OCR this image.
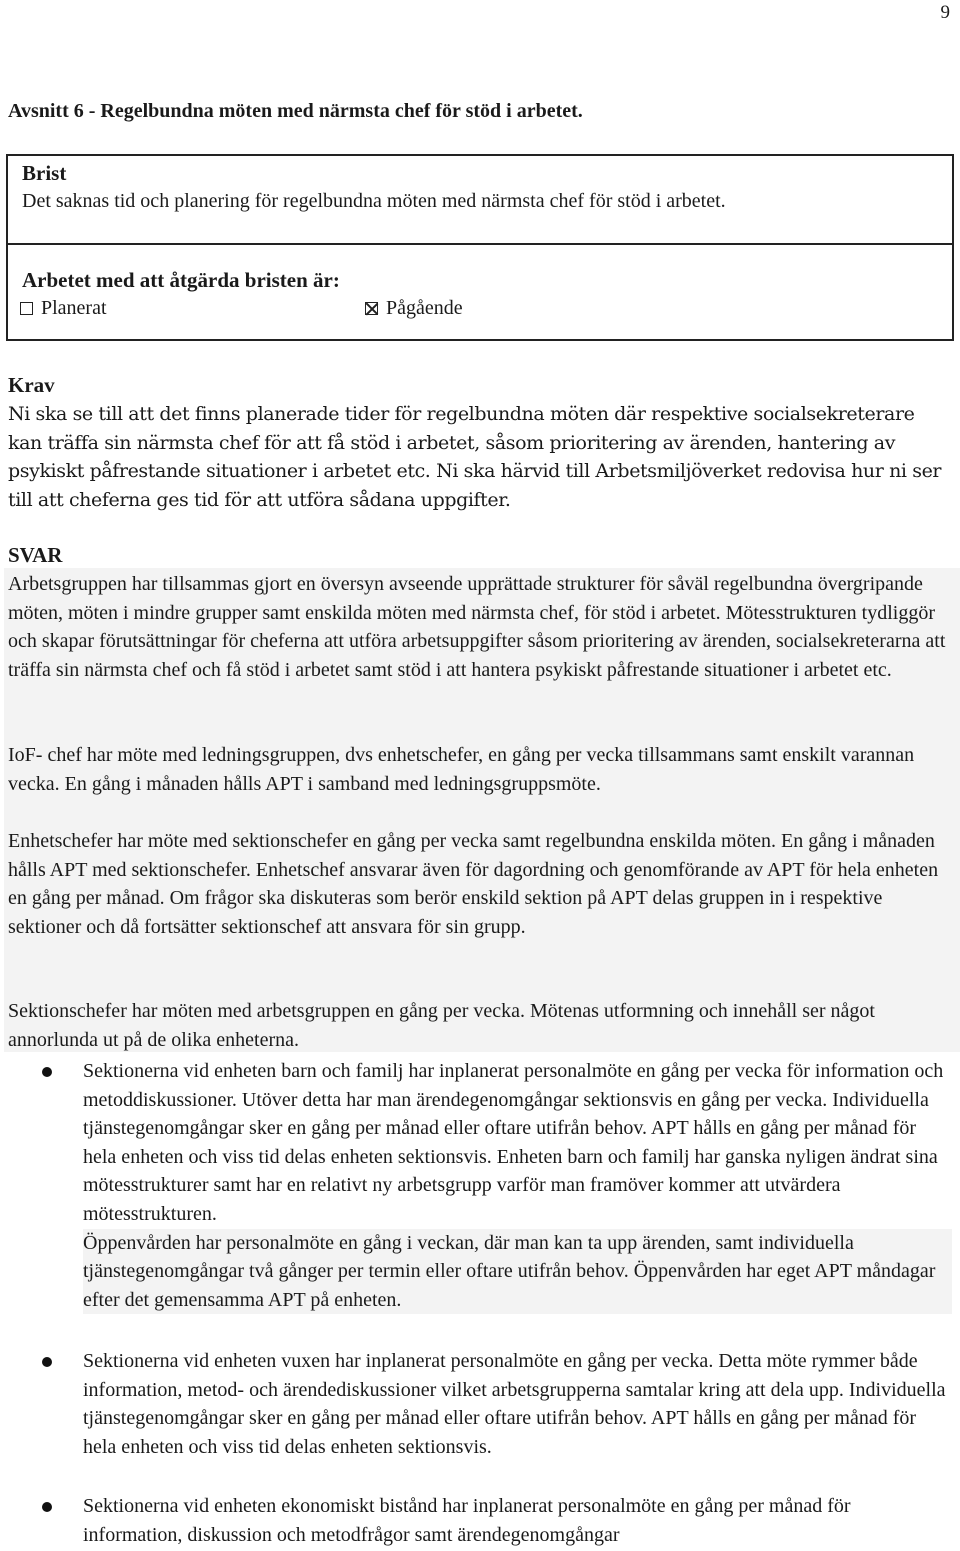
9
Avsnitt 6 - Regelbundna möten med närmsta chef för stöd i arbetet.
Brist
Det saknas tid och planering för regelbundna möten med närmsta chef för stöd i arbetet.
Arbetet med att åtgärda bristen är:
Planerat	Pågående
Krav
Ni ska se till att det finns planerade tider för regelbundna möten där respektive socialsekreterare kan träffa sin närmsta chef för att få stöd i arbetet, såsom prioritering av ärenden, hantering av psykiskt påfrestande situationer i arbetet etc. Ni ska härvid till Arbetsmiljöverket redovisa hur ni ser till att cheferna ges tid för att utföra sådana uppgifter.
SVAR
Arbetsgruppen har tillsammas gjort en översyn avseende upprättade strukturer för såväl regelbundna övergripande möten, möten i mindre grupper samt enskilda möten med närmsta chef, för stöd i arbetet. Mötesstrukturen tydliggör och skapar förutsättningar för cheferna att utföra arbetsuppgifter såsom prioritering av ärenden, socialsekreterarna att träffa sin närmsta chef och få stöd i arbetet samt stöd i att hantera psykiskt påfrestande situationer i arbetet etc.
IoF- chef har möte med ledningsgruppen, dvs enhetschefer, en gång per vecka tillsammans samt enskilt varannan vecka. En gång i månaden hålls APT i samband med ledningsgruppsmöte.
Enhetschefer har möte med sektionschefer en gång per vecka samt regelbundna enskilda möten. En gång i månaden hålls APT med sektionschefer. Enhetschef ansvarar även för dagordning och genomförande av APT för hela enheten en gång per månad. Om frågor ska diskuteras som berör enskild sektion på APT delas gruppen in i respektive sektioner och då fortsätter sektionschef att ansvara för sin grupp.
Sektionschefer har möten med arbetsgruppen en gång per vecka. Mötenas utformning och innehåll ser något annorlunda ut på de olika enheterna.
Sektionerna vid enheten barn och familj har inplanerat personalmöte en gång per vecka för information och metoddiskussioner. Utöver detta har man ärendegenomgångar sektionsvis en gång per vecka. Individuella tjänstegenomgångar sker en gång per månad eller oftare utifrån behov. APT hålls en gång per månad för hela enheten och viss tid delas enheten sektionsvis. Enheten barn och familj har ganska nyligen ändrat sina mötesstrukturer samt har en relativt ny arbetsgrupp varför man framöver kommer att utvärdera mötesstrukturen.
Öppenvården har personalmöte en gång i veckan, där man kan ta upp ärenden, samt individuella tjänstegenomgångar två gånger per termin eller oftare utifrån behov. Öppenvården har eget APT måndagar efter det gemensamma APT på enheten.
Sektionerna vid enheten vuxen har inplanerat personalmöte en gång per vecka. Detta möte rymmer både information, metod- och ärendediskussioner vilket arbetsgrupperna samtalar kring att dela upp. Individuella tjänstegenomgångar sker en gång per månad eller oftare utifrån behov. APT hålls en gång per månad för hela enheten och viss tid delas enheten sektionsvis.
Sektionerna vid enheten ekonomiskt bistånd har inplanerat personalmöte en gång per månad för information, diskussion och metodfrågor samt ärendegenomgångar
